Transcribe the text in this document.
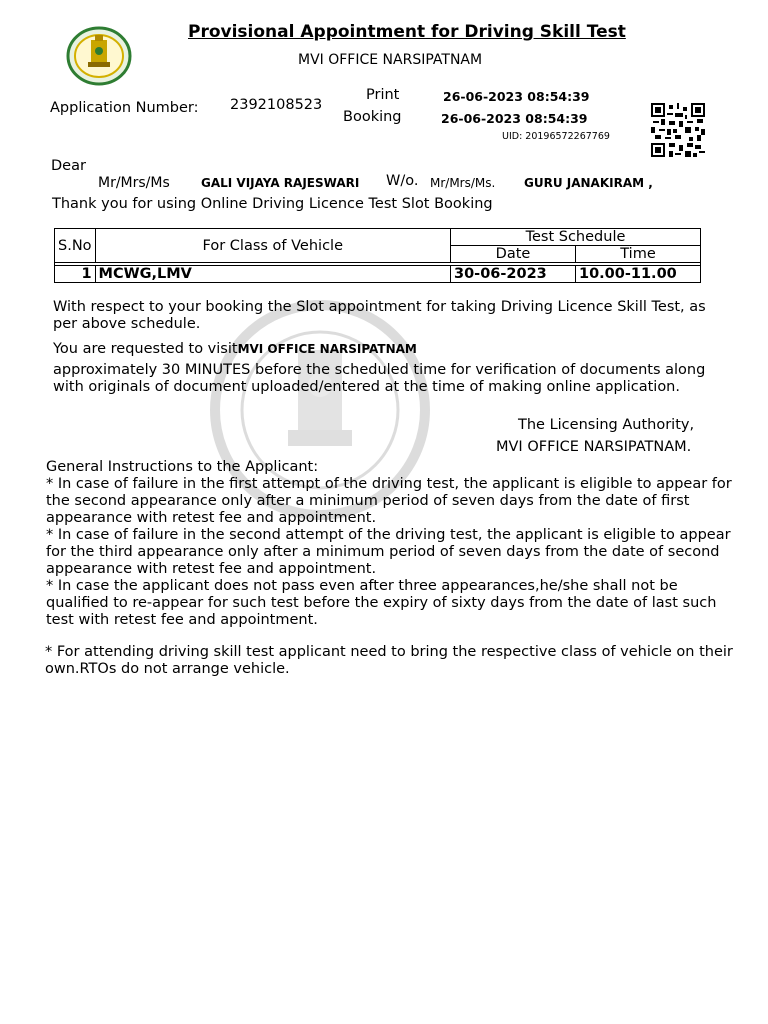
Provisional Appointment for Driving Skill Test
MVI OFFICE NARSIPATNAM
Application Number: 2392108523
Print
Booking
26-06-2023 08:54:39
26-06-2023 08:54:39
UID: 20196572267769
Dear
Mr/Mrs/Ms	GALI VIJAYA RAJESWARI W/o. Mr/Mrs/Ms. GURU JANAKIRAM ,
Thank you for using Online Driving Licence Test Slot Booking
S.No	For Class of Vehicle	Test Schedule	
		Date	Time

1	MCWG,LMV	30-06-2023	10.00-11.00
With respect to your booking the Slot appointment for taking Driving Licence Skill Test, as per above schedule.
You are requested to visitMVI OFFICE NARSIPATNAM
approximately 30 MINUTES before the scheduled time for verification of documents along with originals of document uploaded/entered at the time of making online application.
The Licensing Authority,
MVI OFFICE NARSIPATNAM.
General Instructions to the Applicant:
* In case of failure in the first attempt of the driving test, the applicant is eligible to appear for the second appearance only after a minimum period of seven days from the date of first appearance with retest fee and appointment.
* In case of failure in the second attempt of the driving test, the applicant is eligible to appear for the third appearance only after a minimum period of seven days from the date of second appearance with retest fee and appointment.
* In case the applicant does not pass even after three appearances,he/she shall not be qualified to re-appear for such test before the expiry of sixty days from the date of last such test with retest fee and appointment.
* For attending driving skill test applicant need to bring the respective class of vehicle on their own.RTOs do not arrange vehicle.
